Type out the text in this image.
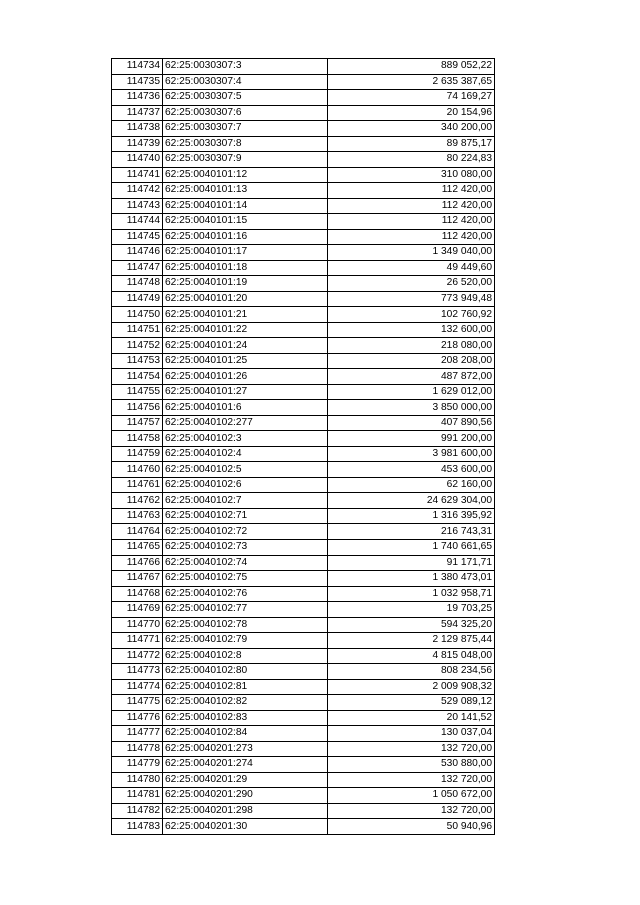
114734	62:25:0030307:3	889 052,22
114735	62:25:0030307:4	2 635 387,65
114736	62:25:0030307:5	74 169,27
114737	62:25:0030307:6	20 154,96
114738	62:25:0030307:7	340 200,00
114739	62:25:0030307:8	89 875,17
114740	62:25:0030307:9	80 224,83
114741	62:25:0040101:12	310 080,00
114742	62:25:0040101:13	112 420,00
114743	62:25:0040101:14	112 420,00
114744	62:25:0040101:15	112 420,00
114745	62:25:0040101:16	112 420,00
114746	62:25:0040101:17	1 349 040,00
114747	62:25:0040101:18	49 449,60
114748	62:25:0040101:19	26 520,00
114749	62:25:0040101:20	773 949,48
114750	62:25:0040101:21	102 760,92
114751	62:25:0040101:22	132 600,00
114752	62:25:0040101:24	218 080,00
114753	62:25:0040101:25	208 208,00
114754	62:25:0040101:26	487 872,00
114755	62:25:0040101:27	1 629 012,00
114756	62:25:0040101:6	3 850 000,00
114757	62:25:0040102:277	407 890,56
114758	62:25:0040102:3	991 200,00
114759	62:25:0040102:4	3 981 600,00
114760	62:25:0040102:5	453 600,00
114761	62:25:0040102:6	62 160,00
114762	62:25:0040102:7	24 629 304,00
114763	62:25:0040102:71	1 316 395,92
114764	62:25:0040102:72	216 743,31
114765	62:25:0040102:73	1 740 661,65
114766	62:25:0040102:74	91 171,71
114767	62:25:0040102:75	1 380 473,01
114768	62:25:0040102:76	1 032 958,71
114769	62:25:0040102:77	19 703,25
114770	62:25:0040102:78	594 325,20
114771	62:25:0040102:79	2 129 875,44
114772	62:25:0040102:8	4 815 048,00
114773	62:25:0040102:80	808 234,56
114774	62:25:0040102:81	2 009 908,32
114775	62:25:0040102:82	529 089,12
114776	62:25:0040102:83	20 141,52
114777	62:25:0040102:84	130 037,04
114778	62:25:0040201:273	132 720,00
114779	62:25:0040201:274	530 880,00
114780	62:25:0040201:29	132 720,00
114781	62:25:0040201:290	1 050 672,00
114782	62:25:0040201:298	132 720,00
114783	62:25:0040201:30	50 940,96
